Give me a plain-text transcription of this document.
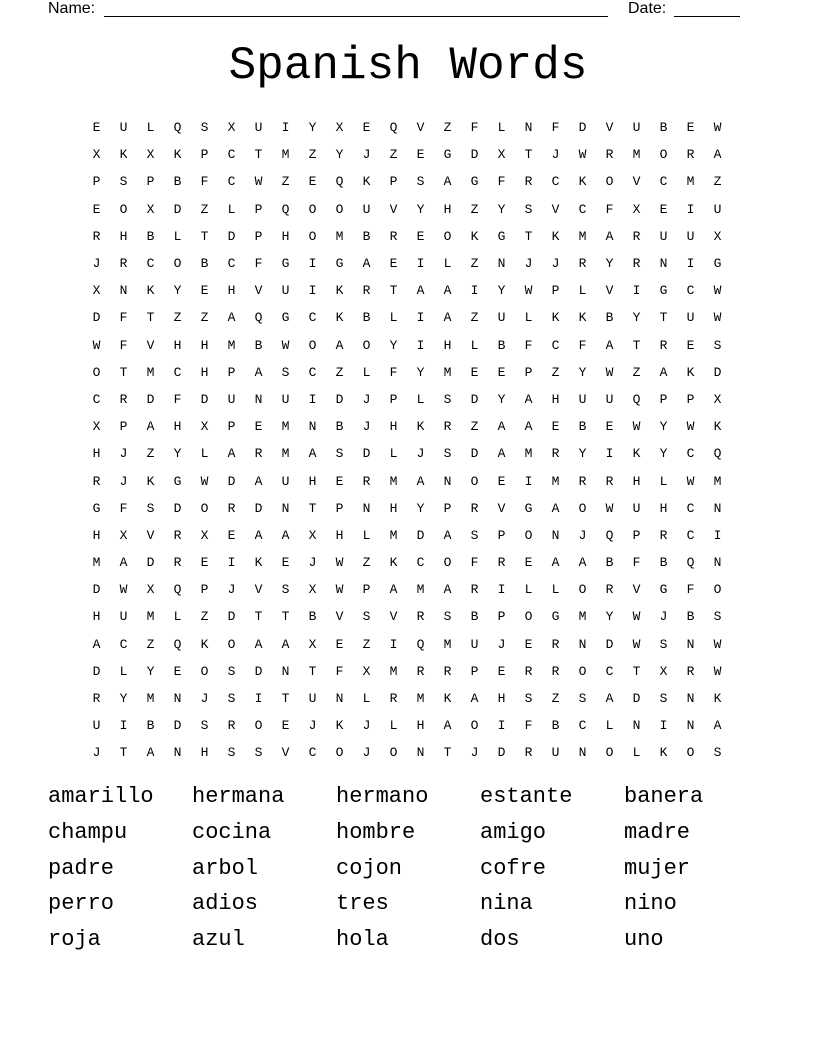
Name:	Date:
Spanish Words
E	U	L	Q	S	X	U	I	Y	X	E	Q	V	Z	F	L	N	F	D	V	U	B	E	W
X	K	X	K	P	C	T	M	Z	Y	J	Z	E	G	D	X	T	J	W	R	M	O	R	A
P	S	P	B	F	C	W	Z	E	Q	K	P	S	A	G	F	R	C	K	O	V	C	M	Z
E	O	X	D	Z	L	P	Q	O	O	U	V	Y	H	Z	Y	S	V	C	F	X	E	I	U
R	H	B	L	T	D	P	H	O	M	B	R	E	O	K	G	T	K	M	A	R	U	U	X
J	R	C	O	B	C	F	G	I	G	A	E	I	L	Z	N	J	J	R	Y	R	N	I	G
X	N	K	Y	E	H	V	U	I	K	R	T	A	A	I	Y	W	P	L	V	I	G	C	W
D	F	T	Z	Z	A	Q	G	C	K	B	L	I	A	Z	U	L	K	K	B	Y	T	U	W
W	F	V	H	H	M	B	W	O	A	O	Y	I	H	L	B	F	C	F	A	T	R	E	S
O	T	M	C	H	P	A	S	C	Z	L	F	Y	M	E	E	P	Z	Y	W	Z	A	K	D
C	R	D	F	D	U	N	U	I	D	J	P	L	S	D	Y	A	H	U	U	Q	P	P	X
X	P	A	H	X	P	E	M	N	B	J	H	K	R	Z	A	A	E	B	E	W	Y	W	K
H	J	Z	Y	L	A	R	M	A	S	D	L	J	S	D	A	M	R	Y	I	K	Y	C	Q
R	J	K	G	W	D	A	U	H	E	R	M	A	N	O	E	I	M	R	R	H	L	W	M
G	F	S	D	O	R	D	N	T	P	N	H	Y	P	R	V	G	A	O	W	U	H	C	N
H	X	V	R	X	E	A	A	X	H	L	M	D	A	S	P	O	N	J	Q	P	R	C	I
M	A	D	R	E	I	K	E	J	W	Z	K	C	O	F	R	E	A	A	B	F	B	Q	N
D	W	X	Q	P	J	V	S	X	W	P	A	M	A	R	I	L	L	O	R	V	G	F	O
H	U	M	L	Z	D	T	T	B	V	S	V	R	S	B	P	O	G	M	Y	W	J	B	S
A	C	Z	Q	K	O	A	A	X	E	Z	I	Q	M	U	J	E	R	N	D	W	S	N	W
D	L	Y	E	O	S	D	N	T	F	X	M	R	R	P	E	R	R	O	C	T	X	R	W
R	Y	M	N	J	S	I	T	U	N	L	R	M	K	A	H	S	Z	S	A	D	S	N	K
U	I	B	D	S	R	O	E	J	K	J	L	H	A	O	I	F	B	C	L	N	I	N	A
J	T	A	N	H	S	S	V	C	O	J	O	N	T	J	D	R	U	N	O	L	K	O	S
amarillo	hermana	hermano	estante	banera
champu	cocina	hombre	amigo	madre
padre	arbol	cojon	cofre	mujer
perro	adios	tres	nina	nino
roja	azul	hola	dos	uno
